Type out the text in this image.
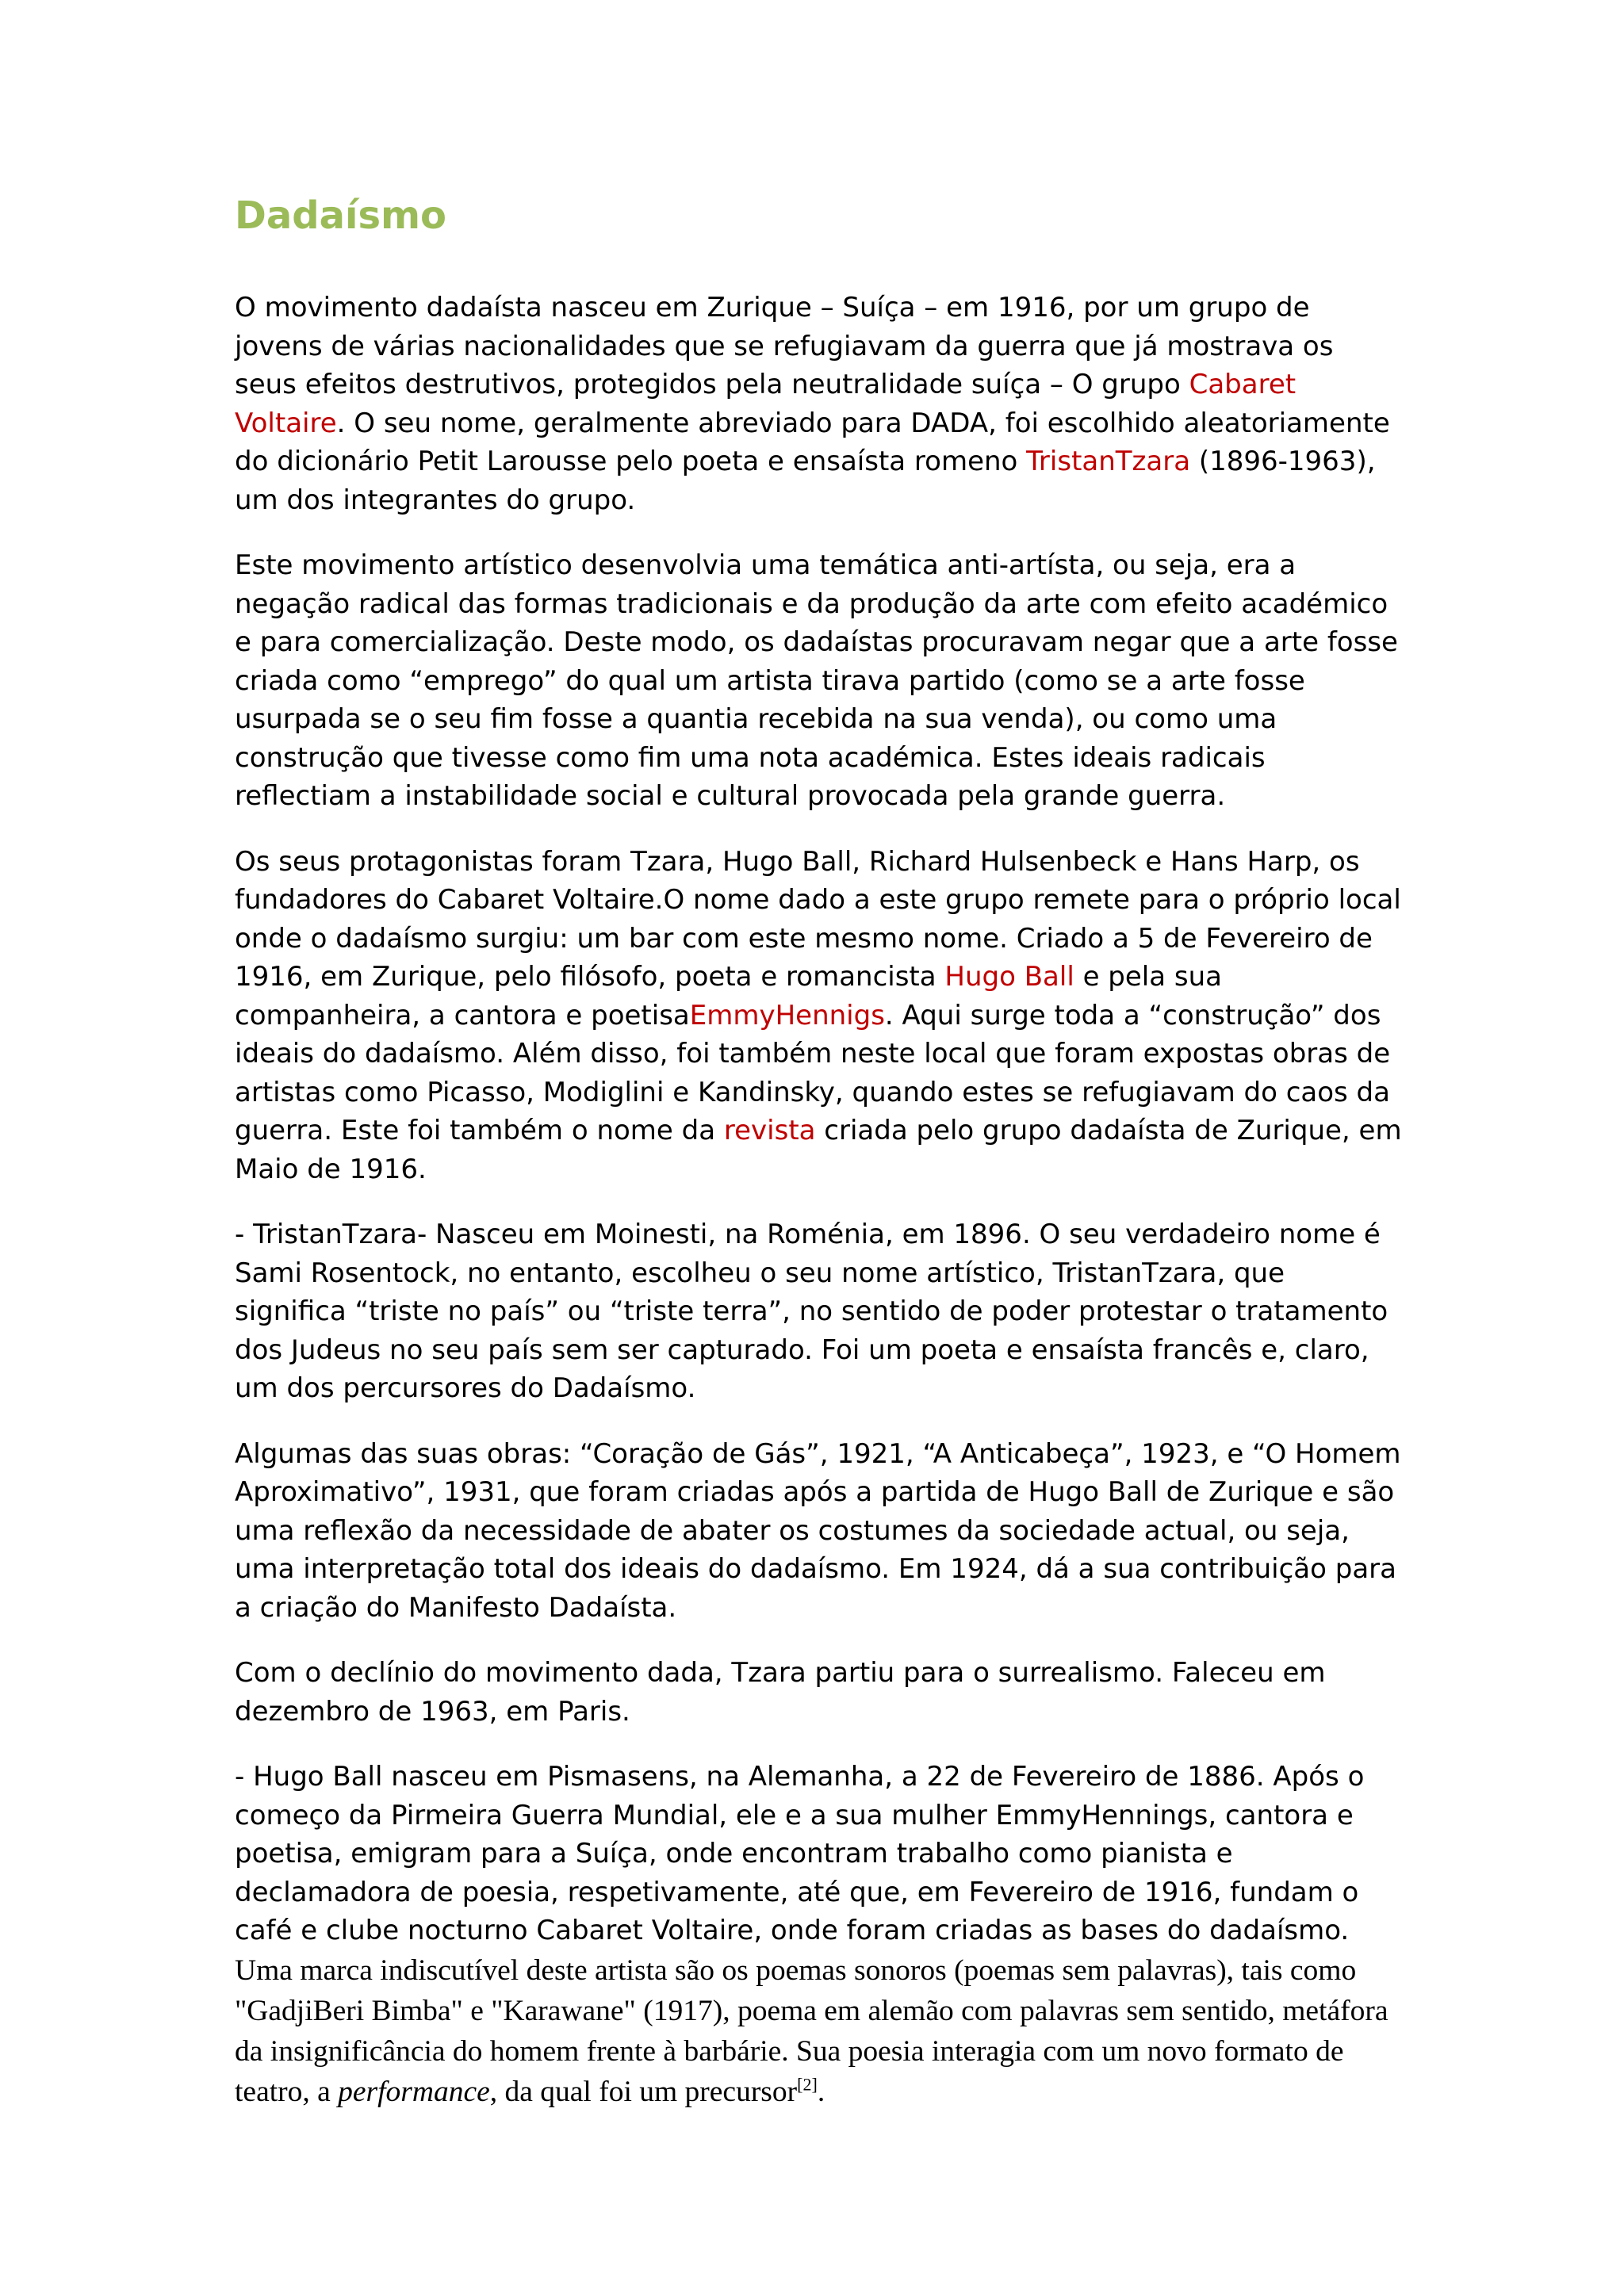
Dadaísmo

O movimento dadaísta nasceu em Zurique – Suíça – em 1916, por um grupo de jovens de várias nacionalidades que se refugiavam da guerra que já mostrava os seus efeitos destrutivos, protegidos pela neutralidade suíça – O grupo Cabaret Voltaire. O seu nome, geralmente abreviado para DADA, foi escolhido aleatoriamente do dicionário Petit Larousse pelo poeta e ensaísta romeno TristanTzara (1896-1963), um dos integrantes do grupo.

Este movimento artístico desenvolvia uma temática anti-artísta, ou seja, era a negação radical das formas tradicionais e da produção da arte com efeito académico e para comercialização. Deste modo, os dadaístas procuravam negar que a arte fosse criada como “emprego” do qual um artista tirava partido (como se a arte fosse usurpada se o seu fim fosse a quantia recebida na sua venda), ou como uma construção que tivesse como fim uma nota académica. Estes ideais radicais reflectiam a instabilidade social e cultural provocada pela grande guerra.

Os seus protagonistas foram Tzara, Hugo Ball, Richard Hulsenbeck e Hans Harp, os fundadores do Cabaret Voltaire.O nome dado a este grupo remete para o próprio local onde o dadaísmo surgiu: um bar com este mesmo nome. Criado a 5 de Fevereiro de 1916, em Zurique, pelo filósofo, poeta e romancista Hugo Ball e pela sua companheira, a cantora e poetisaEmmyHennigs. Aqui surge toda a “construção” dos ideais do dadaísmo. Além disso, foi também neste local que foram expostas obras de artistas como Picasso, Modiglini e Kandinsky, quando estes se refugiavam do caos da guerra. Este foi também o nome da revista criada pelo grupo dadaísta de Zurique, em Maio de 1916.

- TristanTzara- Nasceu em Moinesti, na Roménia, em 1896. O seu verdadeiro nome é Sami Rosentock, no entanto, escolheu o seu nome artístico, TristanTzara, que significa “triste no país” ou “triste terra”, no sentido de poder protestar o tratamento dos Judeus no seu país sem ser capturado. Foi um poeta e ensaísta francês e, claro, um dos percursores do Dadaísmo.

Algumas das suas obras: “Coração de Gás”, 1921, “A Anticabeça”, 1923, e “O Homem Aproximativo”, 1931, que foram criadas após a partida de Hugo Ball de Zurique e são uma reflexão da necessidade de abater os costumes da sociedade actual, ou seja, uma interpretação total dos ideais do dadaísmo. Em 1924, dá a sua contribuição para a criação do Manifesto Dadaísta.

Com o declínio do movimento dada, Tzara partiu para o surrealismo. Faleceu em dezembro de 1963, em Paris.

- Hugo Ball nasceu em Pismasens, na Alemanha, a 22 de Fevereiro de 1886. Após o começo da Pirmeira Guerra Mundial, ele e a sua mulher EmmyHennings, cantora e poetisa, emigram para a Suíça, onde encontram trabalho como pianista e declamadora de poesia, respetivamente, até que, em Fevereiro de 1916, fundam o café e clube nocturno Cabaret Voltaire, onde foram criadas as bases do dadaísmo.
Uma marca indiscutível deste artista são os poemas sonoros (poemas sem palavras), tais como "GadjiBeri Bimba" e "Karawane" (1917), poema em alemão com palavras sem sentido, metáfora da insignificância do homem frente à barbárie. Sua poesia interagia com um novo formato de teatro, a performance, da qual foi um precursor[2].
